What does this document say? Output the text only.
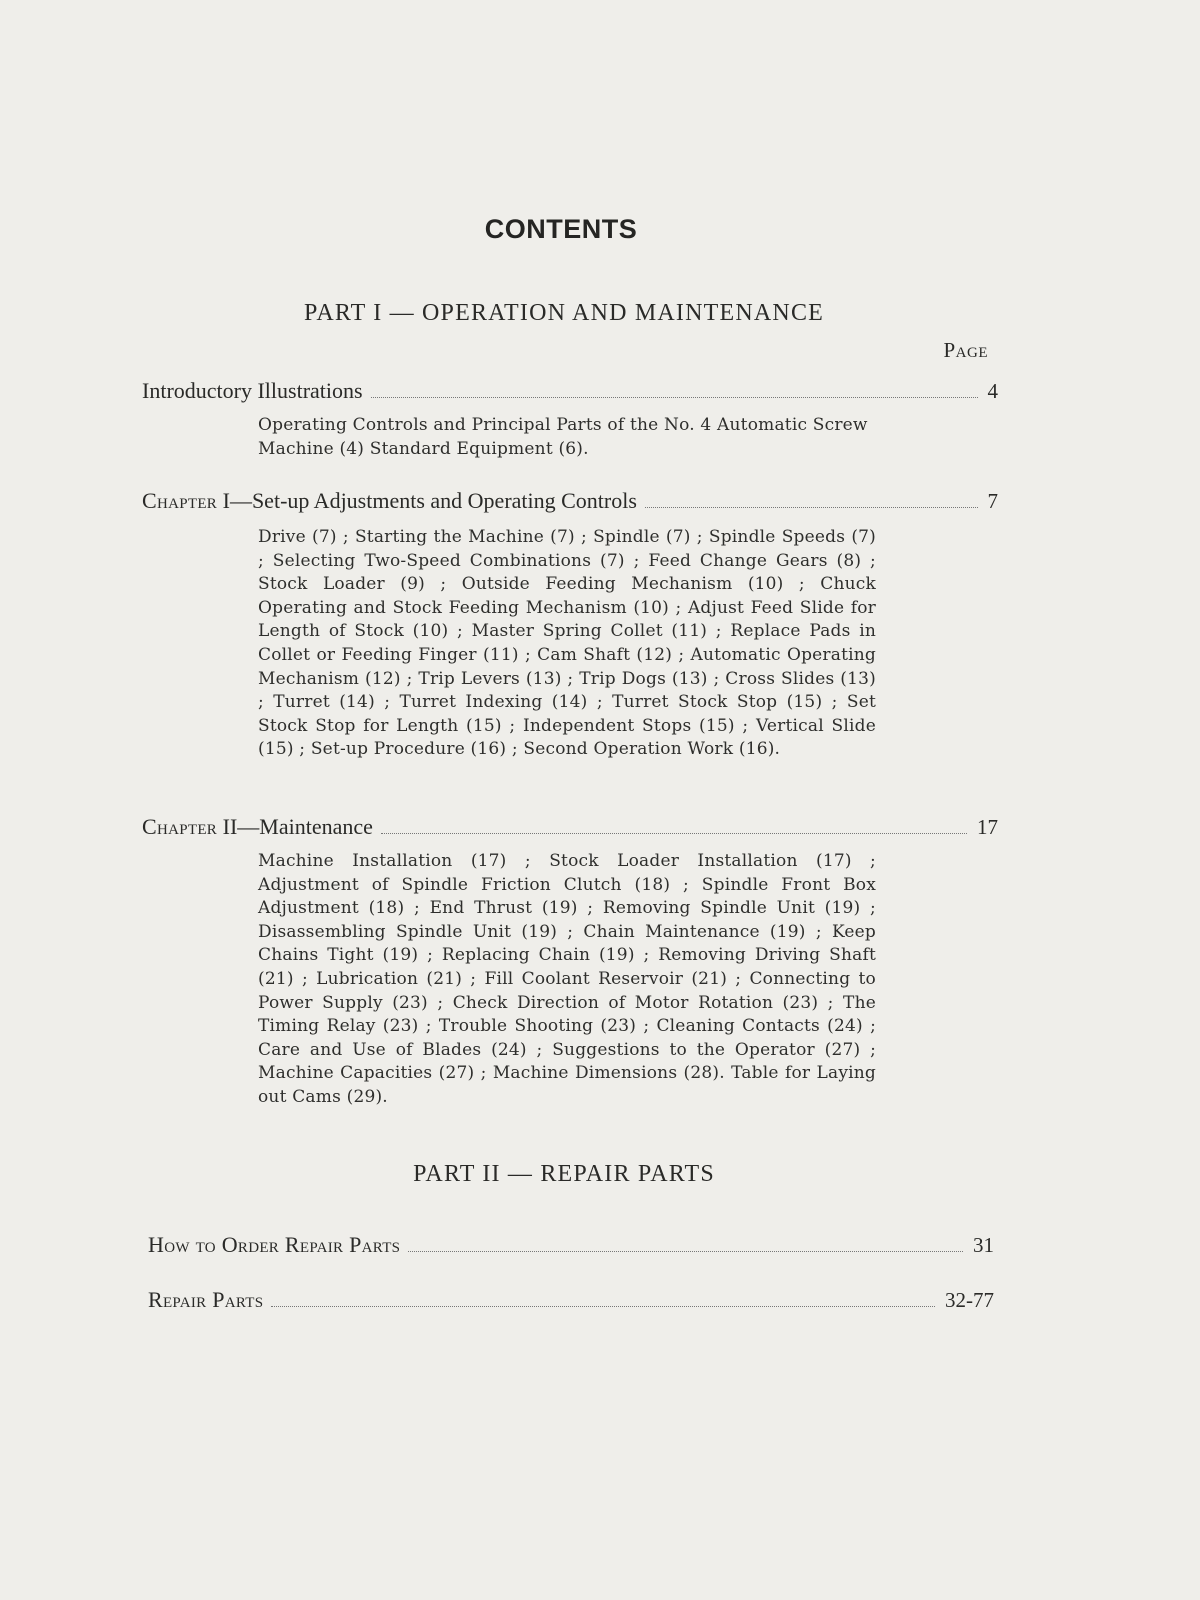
CONTENTS
PART I — OPERATION AND MAINTENANCE
Page
Introductory Illustrations	4
Operating Controls and Principal Parts of the No. 4 Automatic Screw Machine (4) Standard Equipment (6).
Chapter I—Set-up Adjustments and Operating Controls	7
Drive (7) ; Starting the Machine (7) ; Spindle (7) ; Spindle Speeds (7) ; Selecting Two-Speed Combinations (7) ; Feed Change Gears (8) ; Stock Loader (9) ; Outside Feeding Mechanism (10) ; Chuck Operating and Stock Feeding Mechanism (10) ; Adjust Feed Slide for Length of Stock (10) ; Master Spring Collet (11) ; Replace Pads in Collet or Feeding Finger (11) ; Cam Shaft (12) ; Automatic Operating Mechanism (12) ; Trip Levers (13) ; Trip Dogs (13) ; Cross Slides (13) ; Turret (14) ; Turret Indexing (14) ; Turret Stock Stop (15) ; Set Stock Stop for Length (15) ; Independent Stops (15) ; Vertical Slide (15) ; Set-up Procedure (16) ; Second Operation Work (16).
Chapter II—Maintenance	17
Machine Installation (17) ; Stock Loader Installation (17) ; Adjustment of Spindle Friction Clutch (18) ; Spindle Front Box Adjustment (18) ; End Thrust (19) ; Removing Spindle Unit (19) ; Disassembling Spindle Unit (19) ; Chain Maintenance (19) ; Keep Chains Tight (19) ; Replacing Chain (19) ; Removing Driving Shaft (21) ; Lubrication (21) ; Fill Coolant Reservoir (21) ; Connecting to Power Supply (23) ; Check Direction of Motor Rotation (23) ; The Timing Relay (23) ; Trouble Shooting (23) ; Cleaning Contacts (24) ; Care and Use of Blades (24) ; Suggestions to the Operator (27) ; Machine Capacities (27) ; Machine Dimensions (28). Table for Laying out Cams (29).
PART II — REPAIR PARTS
How to Order Repair Parts	31
Repair Parts	32-77
